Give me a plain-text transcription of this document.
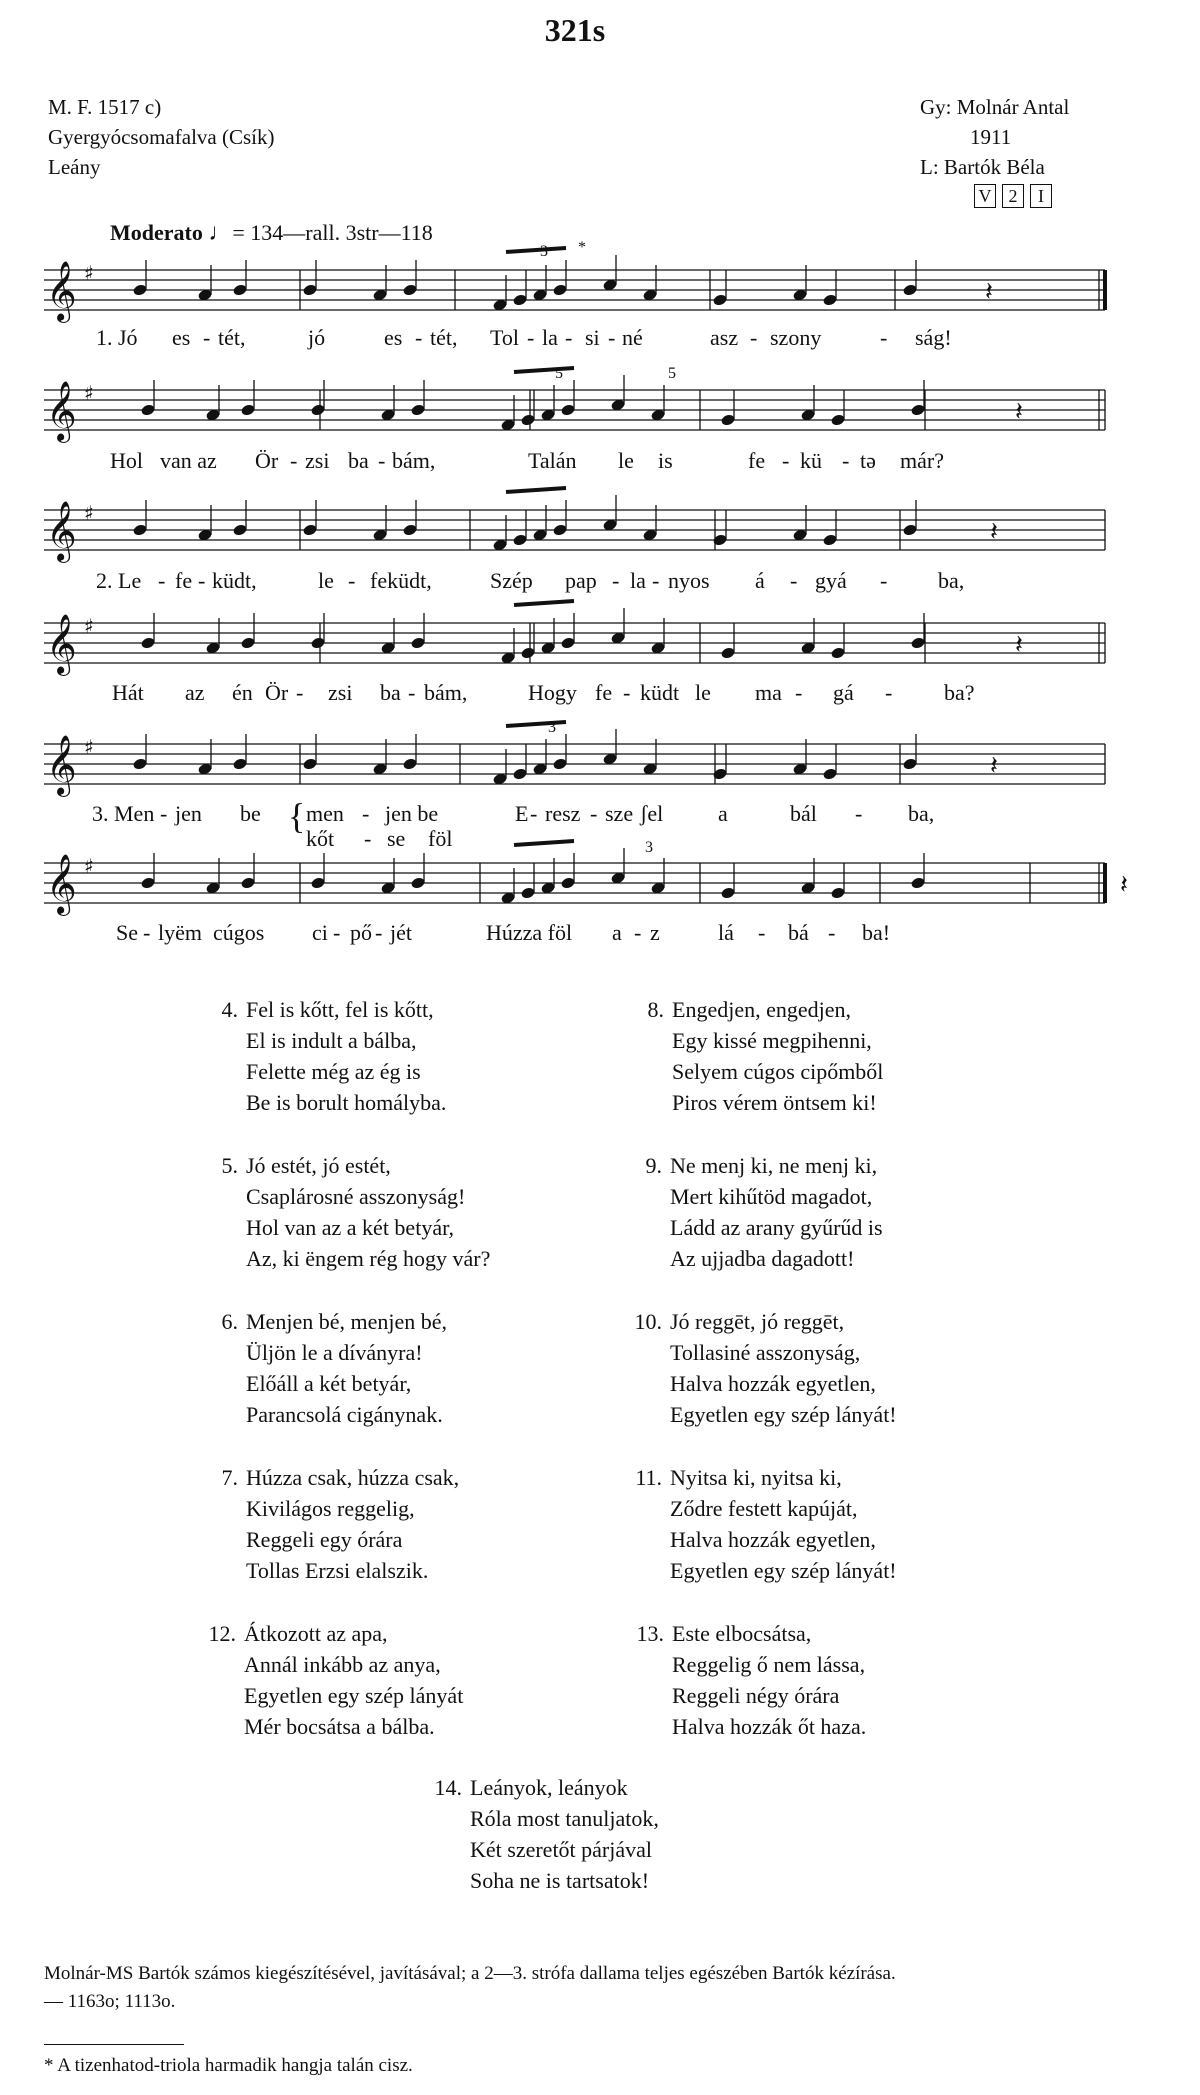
321s
M. F. 1517 c)
Gyergyócsomafalva (Csík)
Leány
Gy: Molnár Antal
1911
L: Bartók Béla
V 2	I
Moderato ♩= 134—rall. 3str—118
𝄞 ♯
𝄽
𝄞 ♯
𝄽
𝄞 ♯
𝄽
𝄞 ♯
𝄽
𝄞 ♯
𝄽
𝄞 ♯
𝄽
3
5	5
3
3
*
1. Jó es - tét,	jó	es - tét, Tol - la - si - né	asz - szony	- ság!
Hol van az Ör - zsi ba - bám,	Talán le is	fe - kü - tə már?
2. Le - fe - küdt,	le - feküdt,	Szép pap - la - nyos á - gyá - ba,
Hát az én Ör - zsi ba - bám,	Hogy fe - küdt le ma - gá - ba?
3. Men - jen be { men - jen be	E - resz - sze ʃel a	bál - ba,
kőt - se föl
Se - lyëm cúgos ci - pő - jét	Húzza föl a - z	lá - bá - ba!
4. Fel is kőtt, fel is kőtt,
El is indult a bálba,
Felette még az ég is
Be is borult homályba.
5. Jó estét, jó estét,
Csaplárosné asszonyság!
Hol van az a két betyár,
Az, ki ëngem rég hogy vár?
6. Menjen bé, menjen bé,
Üljön le a díványra!
Előáll a két betyár,
Parancsolá cigánynak.
7. Húzza csak, húzza csak,
Kivilágos reggelig,
Reggeli egy órára
Tollas Erzsi elalszik.
12. Átkozott az apa,
Annál inkább az anya,
Egyetlen egy szép lányát
Mér bocsátsa a bálba.
8. Engedjen, engedjen,
Egy kissé megpihenni,
Selyem cúgos cipőmből
Piros vérem öntsem ki!
9. Ne menj ki, ne menj ki,
Mert kihűtöd magadot,
Ládd az arany gyűrűd is
Az ujjadba dagadott!
10. Jó reggēt, jó reggēt,
Tollasiné asszonyság,
Halva hozzák egyetlen,
Egyetlen egy szép lányát!
11. Nyitsa ki, nyitsa ki,
Ződre festett kapúját,
Halva hozzák egyetlen,
Egyetlen egy szép lányát!
13. Este elbocsátsa,
Reggelig ő nem lássa,
Reggeli négy órára
Halva hozzák őt haza.
14. Leányok, leányok
Róla most tanuljatok,
Két szeretőt párjával
Soha ne is tartsatok!
Molnár-MS Bartók számos kiegészítésével, javításával; a 2—3. strófa dallama teljes egészében Bartók kézírása.
— 1163o; 1113o.
* A tizenhatod-triola harmadik hangja talán cisz.
